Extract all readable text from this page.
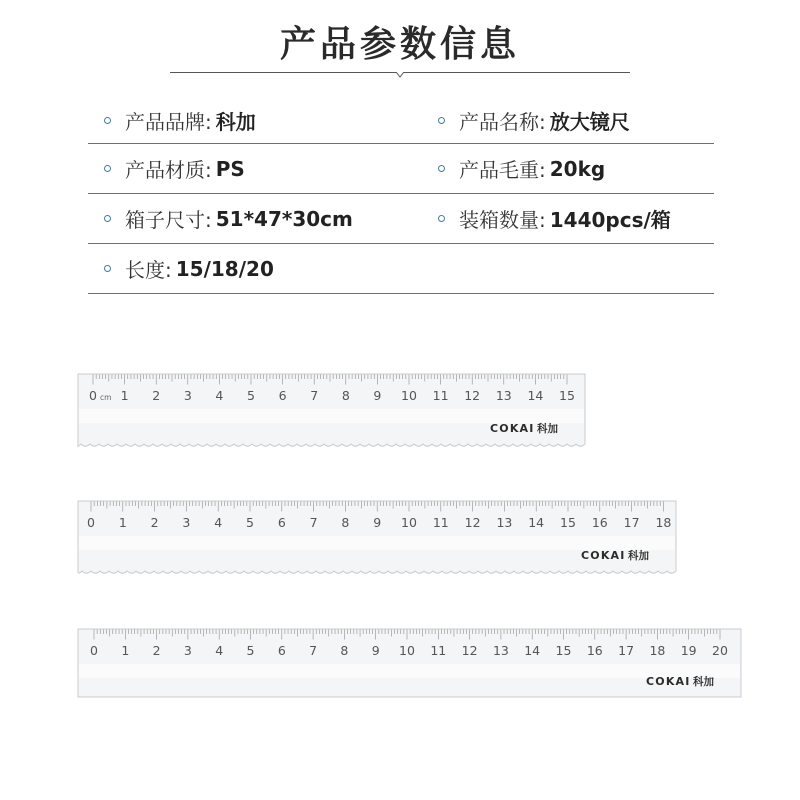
产品参数信息
产品品牌: 科加	产品名称: 放大镜尺
产品材质: PS	产品毛重: 20kg
箱子尺寸: 51*47*30cm	装箱数量: 1440pcs/箱
长度: 15/18/20
0 1 2 3 4 5 6 7 8 9 10 11 12 13 14 15
cm
COKAI 科加
0 1 2 3 4 5 6 7 8 9 10 11 12 13 14 15 16 17 18
COKAI 科加
0 1 2 3 4 5 6 7 8 9 10 11 12 13 14 15 16 17 18 19 20
COKAI 科加
